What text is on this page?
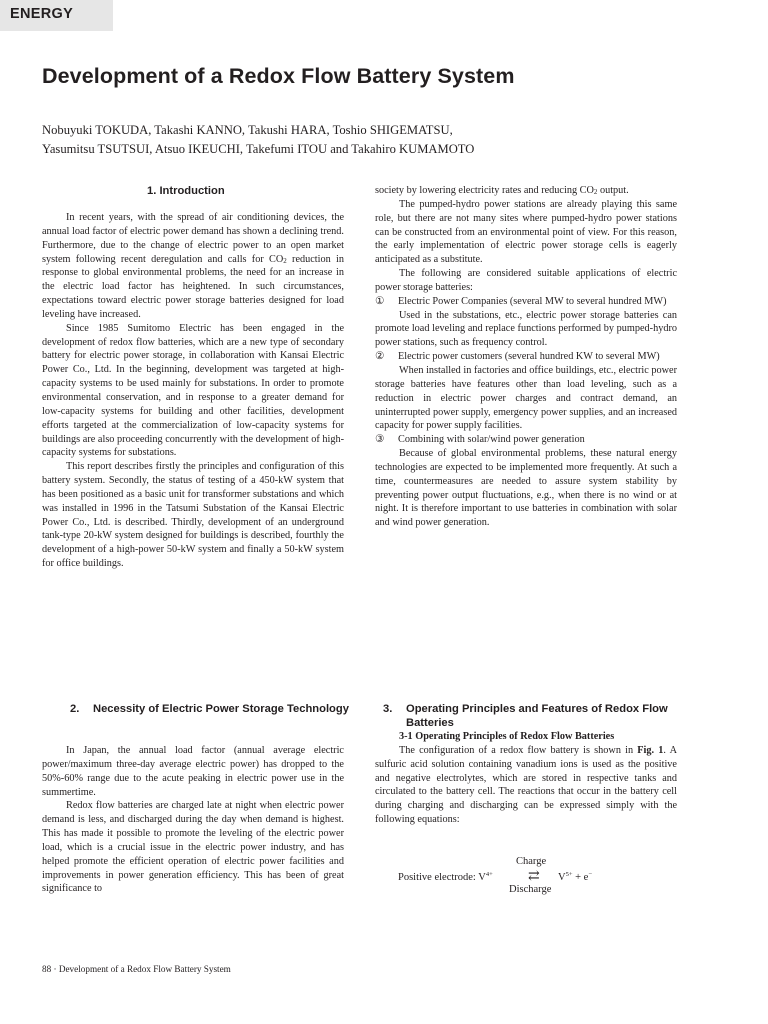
ENERGY
Development of a Redox Flow Battery System
Nobuyuki TOKUDA, Takashi KANNO, Takushi HARA, Toshio SHIGEMATSU,
Yasumitsu TSUTSUI, Atsuo IKEUCHI, Takefumi ITOU and Takahiro KUMAMOTO
1. Introduction

In recent years, with the spread of air conditioning devices, the annual load factor of electric power demand has shown a declining trend. Furthermore, due to the change of electric power to an open market system following recent deregulation and calls for $CO_2$ reduction in response to global environmental problems, the need for an increase in the electric load factor has heightened. In such circumstances, expectations toward electric power storage batteries designed for load leveling have increased.

Since 1985 Sumitomo Electric has been engaged in the development of redox flow batteries, which are a new type of secondary battery for electric power storage, in collaboration with Kansai Electric Power Co., Ltd. In the beginning, development was targeted at high-capacity systems to be used mainly for substations. In order to promote environmental conservation, and in response to a greater demand for low-capacity systems for building and other facilities, development efforts targeted at the commercialization of low-capacity systems for buildings are also proceeding concurrently with the development of high-capacity systems for substations.

This report describes firstly the principles and configuration of this battery system. Secondly, the status of testing of a 450-kW system that has been positioned as a basic unit for transformer substations and which was installed in 1996 in the Tatsumi Substation of the Kansai Electric Power Co., Ltd. is described. Thirdly, development of an underground tank-type 20-kW system designed for buildings is described, fourthly the development of a high-power 50-kW system and finally a 50-kW system for office buildings.

2. Necessity of Electric Power Storage Technology

In Japan, the annual load factor (annual average electric power/maximum three-day average electric power) has dropped to the 50%-60% range due to the acute peaking in electric power use in the summertime.

Redox flow batteries are charged late at night when electric power demand is less, and discharged during the day when demand is highest. This has made it possible to promote the leveling of the electric power load, which is a crucial issue in the electric power industry, and has helped promote the efficient operation of electric power facilities and improvements in power generation efficiency. This has been of great significance to

society by lowering electricity rates and reducing $CO_2$ output.

The pumped-hydro power stations are already playing this same role, but there are not many sites where pumped-hydro power stations can be constructed from an environmental point of view. For this reason, the early implementation of electric power storage cells is eagerly anticipated as a substitute.

The following are considered suitable applications of electric power storage batteries:

① Electric Power Companies (several MW to several hundred MW)

Used in the substations, etc., electric power storage batteries can promote load leveling and replace functions performed by pumped-hydro power stations, such as frequency control.

② Electric power customers (several hundred KW to several MW)

When installed in factories and office buildings, etc., electric power storage batteries have features other than load leveling, such as a reduction in electric power charges and contract demand, an uninterrupted power supply, emergency power supplies, and an increased capacity for power supply facilities.

③ Combining with solar/wind power generation

Because of global environmental problems, these natural energy technologies are expected to be implemented more frequently. At such a time, countermeasures are needed to assure system stability by preventing power output fluctuations, e.g., when there is no wind or at night. It is therefore important to use batteries in combination with solar and wind power generation.

3. Operating Principles and Features of Redox Flow Batteries

3-1 Operating Principles of Redox Flow Batteries

The configuration of a redox flow battery is shown in Fig. 1. A sulfuric acid solution containing vanadium ions is used as the positive and negative electrolytes, which are stored in respective tanks and circulated to the battery cell. The reactions that occur in the battery cell during charging and discharging can be expressed simply with the following equations:

Charge
Positive electrode: $V^{4+}$	⇄ $V^{5+} + e^-$
Discharge
88 · Development of a Redox Flow Battery System
